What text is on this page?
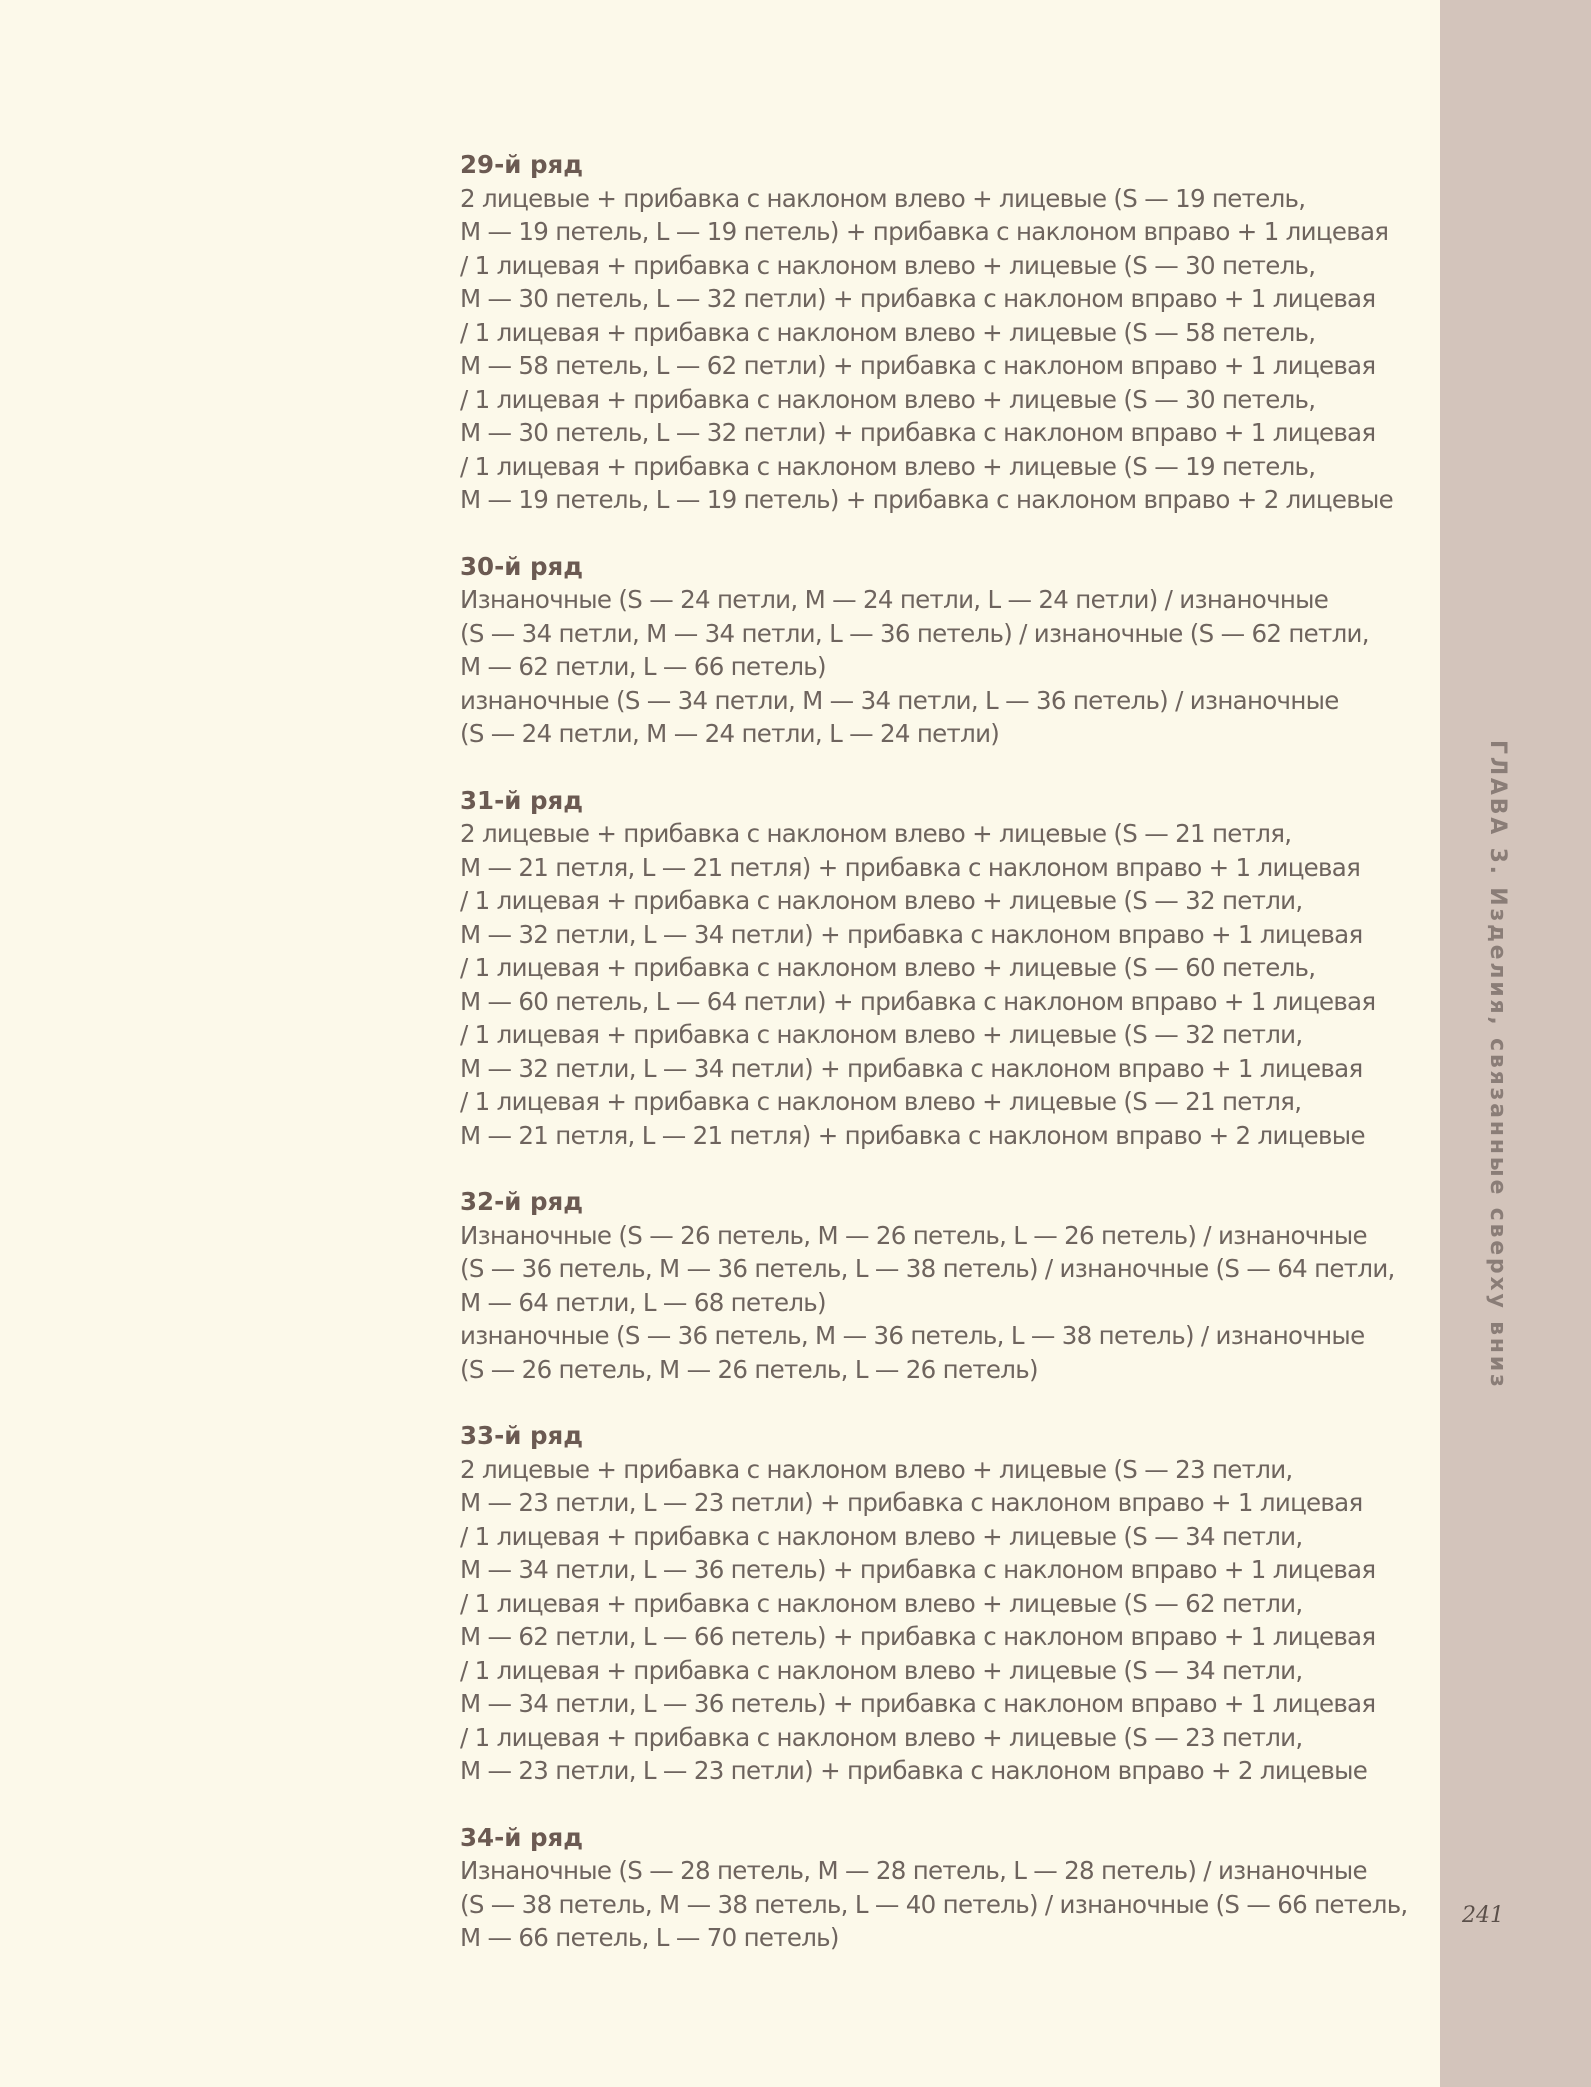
29-й ряд
2 лицевые + прибавка с наклоном влево + лицевые (S — 19 петель,
M — 19 петель, L — 19 петель) + прибавка с наклоном вправо + 1 лицевая
/ 1 лицевая + прибавка с наклоном влево + лицевые (S — 30 петель,
M — 30 петель, L — 32 петли) + прибавка с наклоном вправо + 1 лицевая
/ 1 лицевая + прибавка с наклоном влево + лицевые (S — 58 петель,
M — 58 петель, L — 62 петли) + прибавка с наклоном вправо + 1 лицевая
/ 1 лицевая + прибавка с наклоном влево + лицевые (S — 30 петель,
M — 30 петель, L — 32 петли) + прибавка с наклоном вправо + 1 лицевая
/ 1 лицевая + прибавка с наклоном влево + лицевые (S — 19 петель,
M — 19 петель, L — 19 петель) + прибавка с наклоном вправо + 2 лицевые
30-й ряд
Изнаночные (S — 24 петли, M — 24 петли, L — 24 петли) / изнаночные
(S — 34 петли, M — 34 петли, L — 36 петель) / изнаночные (S — 62 петли,
M — 62 петли, L — 66 петель)
изнаночные (S — 34 петли, M — 34 петли, L — 36 петель) / изнаночные
(S — 24 петли, M — 24 петли, L — 24 петли)
31-й ряд
2 лицевые + прибавка с наклоном влево + лицевые (S — 21 петля,
M — 21 петля, L — 21 петля) + прибавка с наклоном вправо + 1 лицевая
/ 1 лицевая + прибавка с наклоном влево + лицевые (S — 32 петли,
M — 32 петли, L — 34 петли) + прибавка с наклоном вправо + 1 лицевая
/ 1 лицевая + прибавка с наклоном влево + лицевые (S — 60 петель,
M — 60 петель, L — 64 петли) + прибавка с наклоном вправо + 1 лицевая
/ 1 лицевая + прибавка с наклоном влево + лицевые (S — 32 петли,
M — 32 петли, L — 34 петли) + прибавка с наклоном вправо + 1 лицевая
/ 1 лицевая + прибавка с наклоном влево + лицевые (S — 21 петля,
M — 21 петля, L — 21 петля) + прибавка с наклоном вправо + 2 лицевые
32-й ряд
Изнаночные (S — 26 петель, M — 26 петель, L — 26 петель) / изнаночные
(S — 36 петель, M — 36 петель, L — 38 петель) / изнаночные (S — 64 петли,
M — 64 петли, L — 68 петель)
изнаночные (S — 36 петель, M — 36 петель, L — 38 петель) / изнаночные
(S — 26 петель, M — 26 петель, L — 26 петель)
33-й ряд
2 лицевые + прибавка с наклоном влево + лицевые (S — 23 петли,
M — 23 петли, L — 23 петли) + прибавка с наклоном вправо + 1 лицевая
/ 1 лицевая + прибавка с наклоном влево + лицевые (S — 34 петли,
M — 34 петли, L — 36 петель) + прибавка с наклоном вправо + 1 лицевая
/ 1 лицевая + прибавка с наклоном влево + лицевые (S — 62 петли,
M — 62 петли, L — 66 петель) + прибавка с наклоном вправо + 1 лицевая
/ 1 лицевая + прибавка с наклоном влево + лицевые (S — 34 петли,
M — 34 петли, L — 36 петель) + прибавка с наклоном вправо + 1 лицевая
/ 1 лицевая + прибавка с наклоном влево + лицевые (S — 23 петли,
M — 23 петли, L — 23 петли) + прибавка с наклоном вправо + 2 лицевые
34-й ряд
Изнаночные (S — 28 петель, M — 28 петель, L — 28 петель) / изнаночные
(S — 38 петель, M — 38 петель, L — 40 петель) / изнаночные (S — 66 петель,
M — 66 петель, L — 70 петель)
ГЛАВА 3. Изделия, связанные сверху вниз
241
